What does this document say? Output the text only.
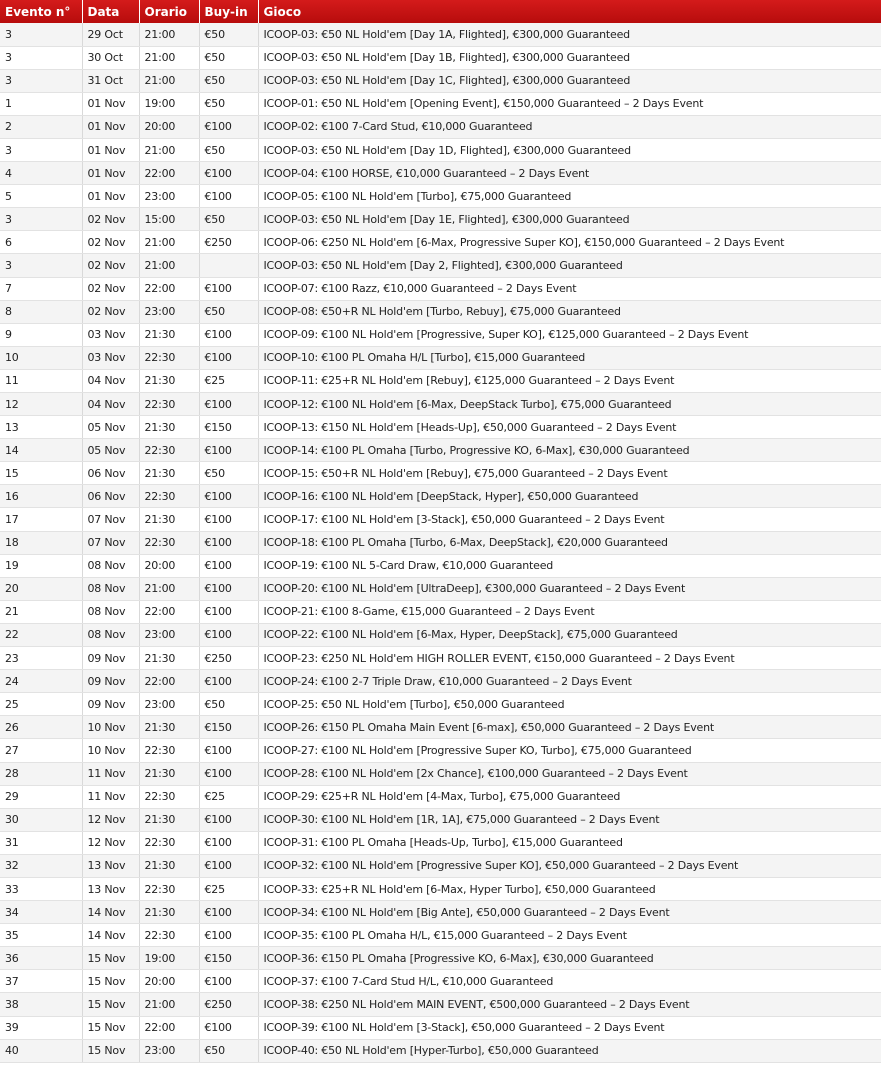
Evento n°	Data	Orario	Buy-in	Gioco
3	29 Oct	21:00	€50	ICOOP-03: €50 NL Hold'em [Day 1A, Flighted], €300,000 Guaranteed
3	30 Oct	21:00	€50	ICOOP-03: €50 NL Hold'em [Day 1B, Flighted], €300,000 Guaranteed
3	31 Oct	21:00	€50	ICOOP-03: €50 NL Hold'em [Day 1C, Flighted], €300,000 Guaranteed
1	01 Nov	19:00	€50	ICOOP-01: €50 NL Hold'em [Opening Event], €150,000 Guaranteed – 2 Days Event
2	01 Nov	20:00	€100	ICOOP-02: €100 7-Card Stud, €10,000 Guaranteed
3	01 Nov	21:00	€50	ICOOP-03: €50 NL Hold'em [Day 1D, Flighted], €300,000 Guaranteed
4	01 Nov	22:00	€100	ICOOP-04: €100 HORSE, €10,000 Guaranteed – 2 Days Event
5	01 Nov	23:00	€100	ICOOP-05: €100 NL Hold'em [Turbo], €75,000 Guaranteed
3	02 Nov	15:00	€50	ICOOP-03: €50 NL Hold'em [Day 1E, Flighted], €300,000 Guaranteed
6	02 Nov	21:00	€250	ICOOP-06: €250 NL Hold'em [6-Max, Progressive Super KO], €150,000 Guaranteed – 2 Days Event
3	02 Nov	21:00		ICOOP-03: €50 NL Hold'em [Day 2, Flighted], €300,000 Guaranteed
7	02 Nov	22:00	€100	ICOOP-07: €100 Razz, €10,000 Guaranteed – 2 Days Event
8	02 Nov	23:00	€50	ICOOP-08: €50+R NL Hold'em [Turbo, Rebuy], €75,000 Guaranteed
9	03 Nov	21:30	€100	ICOOP-09: €100 NL Hold'em [Progressive, Super KO], €125,000 Guaranteed – 2 Days Event
10	03 Nov	22:30	€100	ICOOP-10: €100 PL Omaha H/L [Turbo], €15,000 Guaranteed
11	04 Nov	21:30	€25	ICOOP-11: €25+R NL Hold'em [Rebuy], €125,000 Guaranteed – 2 Days Event
12	04 Nov	22:30	€100	ICOOP-12: €100 NL Hold'em [6-Max, DeepStack Turbo], €75,000 Guaranteed
13	05 Nov	21:30	€150	ICOOP-13: €150 NL Hold'em [Heads-Up], €50,000 Guaranteed – 2 Days Event
14	05 Nov	22:30	€100	ICOOP-14: €100 PL Omaha [Turbo, Progressive KO, 6-Max], €30,000 Guaranteed
15	06 Nov	21:30	€50	ICOOP-15: €50+R NL Hold'em [Rebuy], €75,000 Guaranteed – 2 Days Event
16	06 Nov	22:30	€100	ICOOP-16: €100 NL Hold'em [DeepStack, Hyper], €50,000 Guaranteed
17	07 Nov	21:30	€100	ICOOP-17: €100 NL Hold'em [3-Stack], €50,000 Guaranteed – 2 Days Event
18	07 Nov	22:30	€100	ICOOP-18: €100 PL Omaha [Turbo, 6-Max, DeepStack], €20,000 Guaranteed
19	08 Nov	20:00	€100	ICOOP-19: €100 NL 5-Card Draw, €10,000 Guaranteed
20	08 Nov	21:00	€100	ICOOP-20: €100 NL Hold'em [UltraDeep], €300,000 Guaranteed – 2 Days Event
21	08 Nov	22:00	€100	ICOOP-21: €100 8-Game, €15,000 Guaranteed – 2 Days Event
22	08 Nov	23:00	€100	ICOOP-22: €100 NL Hold'em [6-Max, Hyper, DeepStack], €75,000 Guaranteed
23	09 Nov	21:30	€250	ICOOP-23: €250 NL Hold'em HIGH ROLLER EVENT, €150,000 Guaranteed – 2 Days Event
24	09 Nov	22:00	€100	ICOOP-24: €100 2-7 Triple Draw, €10,000 Guaranteed – 2 Days Event
25	09 Nov	23:00	€50	ICOOP-25: €50 NL Hold'em [Turbo], €50,000 Guaranteed
26	10 Nov	21:30	€150	ICOOP-26: €150 PL Omaha Main Event [6-max], €50,000 Guaranteed – 2 Days Event
27	10 Nov	22:30	€100	ICOOP-27: €100 NL Hold'em [Progressive Super KO, Turbo], €75,000 Guaranteed
28	11 Nov	21:30	€100	ICOOP-28: €100 NL Hold'em [2x Chance], €100,000 Guaranteed – 2 Days Event
29	11 Nov	22:30	€25	ICOOP-29: €25+R NL Hold'em [4-Max, Turbo], €75,000 Guaranteed
30	12 Nov	21:30	€100	ICOOP-30: €100 NL Hold'em [1R, 1A], €75,000 Guaranteed – 2 Days Event
31	12 Nov	22:30	€100	ICOOP-31: €100 PL Omaha [Heads-Up, Turbo], €15,000 Guaranteed
32	13 Nov	21:30	€100	ICOOP-32: €100 NL Hold'em [Progressive Super KO], €50,000 Guaranteed – 2 Days Event
33	13 Nov	22:30	€25	ICOOP-33: €25+R NL Hold'em [6-Max, Hyper Turbo], €50,000 Guaranteed
34	14 Nov	21:30	€100	ICOOP-34: €100 NL Hold'em [Big Ante], €50,000 Guaranteed – 2 Days Event
35	14 Nov	22:30	€100	ICOOP-35: €100 PL Omaha H/L, €15,000 Guaranteed – 2 Days Event
36	15 Nov	19:00	€150	ICOOP-36: €150 PL Omaha [Progressive KO, 6-Max], €30,000 Guaranteed
37	15 Nov	20:00	€100	ICOOP-37: €100 7-Card Stud H/L, €10,000 Guaranteed
38	15 Nov	21:00	€250	ICOOP-38: €250 NL Hold'em MAIN EVENT, €500,000 Guaranteed – 2 Days Event
39	15 Nov	22:00	€100	ICOOP-39: €100 NL Hold'em [3-Stack], €50,000 Guaranteed – 2 Days Event
40	15 Nov	23:00	€50	ICOOP-40: €50 NL Hold'em [Hyper-Turbo], €50,000 Guaranteed
